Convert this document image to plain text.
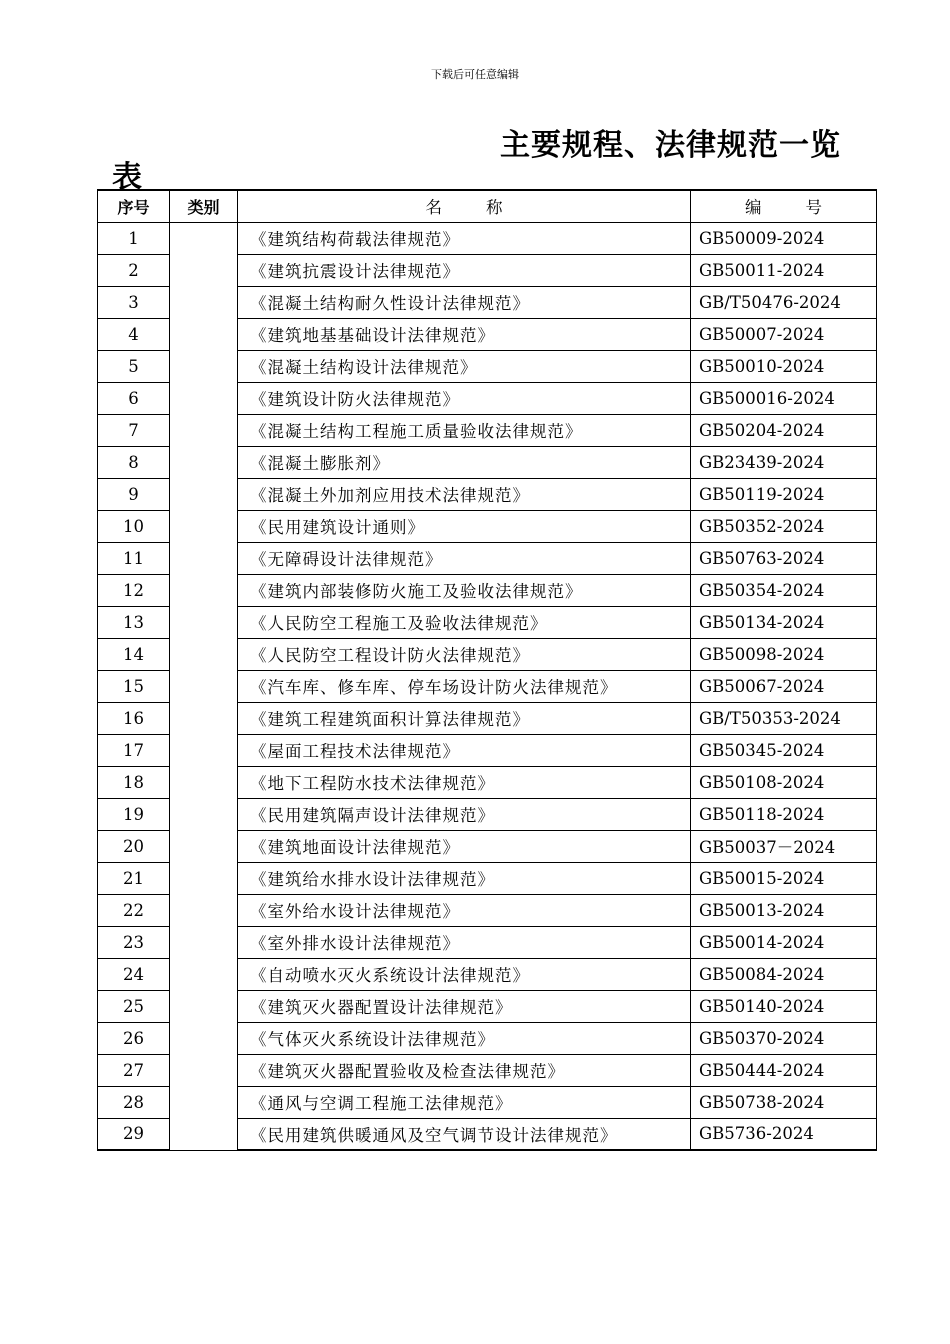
下载后可任意编辑
主要规程、法律规范一览
表
序号	类别	名 称	编 号
1		《建筑结构荷载法律规范》	GB50009-2024
2		《建筑抗震设计法律规范》	GB50011-2024
3		《混凝土结构耐久性设计法律规范》	GB/T50476-2024
4		《建筑地基基础设计法律规范》	GB50007-2024
5		《混凝土结构设计法律规范》	GB50010-2024
6		《建筑设计防火法律规范》	GB500016-2024
7		《混凝土结构工程施工质量验收法律规范》	GB50204-2024
8		《混凝土膨胀剂》	GB23439-2024
9		《混凝土外加剂应用技术法律规范》	GB50119-2024
10		《民用建筑设计通则》	GB50352-2024
11		《无障碍设计法律规范》	GB50763-2024
12		《建筑内部装修防火施工及验收法律规范》	GB50354-2024
13		《人民防空工程施工及验收法律规范》	GB50134-2024
14		《人民防空工程设计防火法律规范》	GB50098-2024
15		《汽车库、修车库、停车场设计防火法律规范》	GB50067-2024
16		《建筑工程建筑面积计算法律规范》	GB/T50353-2024
17		《屋面工程技术法律规范》	GB50345-2024
18		《地下工程防水技术法律规范》	GB50108-2024
19		《民用建筑隔声设计法律规范》	GB50118-2024
20		《建筑地面设计法律规范》	GB50037－2024
21		《建筑给水排水设计法律规范》	GB50015-2024
22		《室外给水设计法律规范》	GB50013-2024
23		《室外排水设计法律规范》	GB50014-2024
24		《自动喷水灭火系统设计法律规范》	GB50084-2024
25		《建筑灭火器配置设计法律规范》	GB50140-2024
26		《气体灭火系统设计法律规范》	GB50370-2024
27		《建筑灭火器配置验收及检查法律规范》	GB50444-2024
28		《通风与空调工程施工法律规范》	GB50738-2024
29		《民用建筑供暖通风及空气调节设计法律规范》	GB5736-2024
